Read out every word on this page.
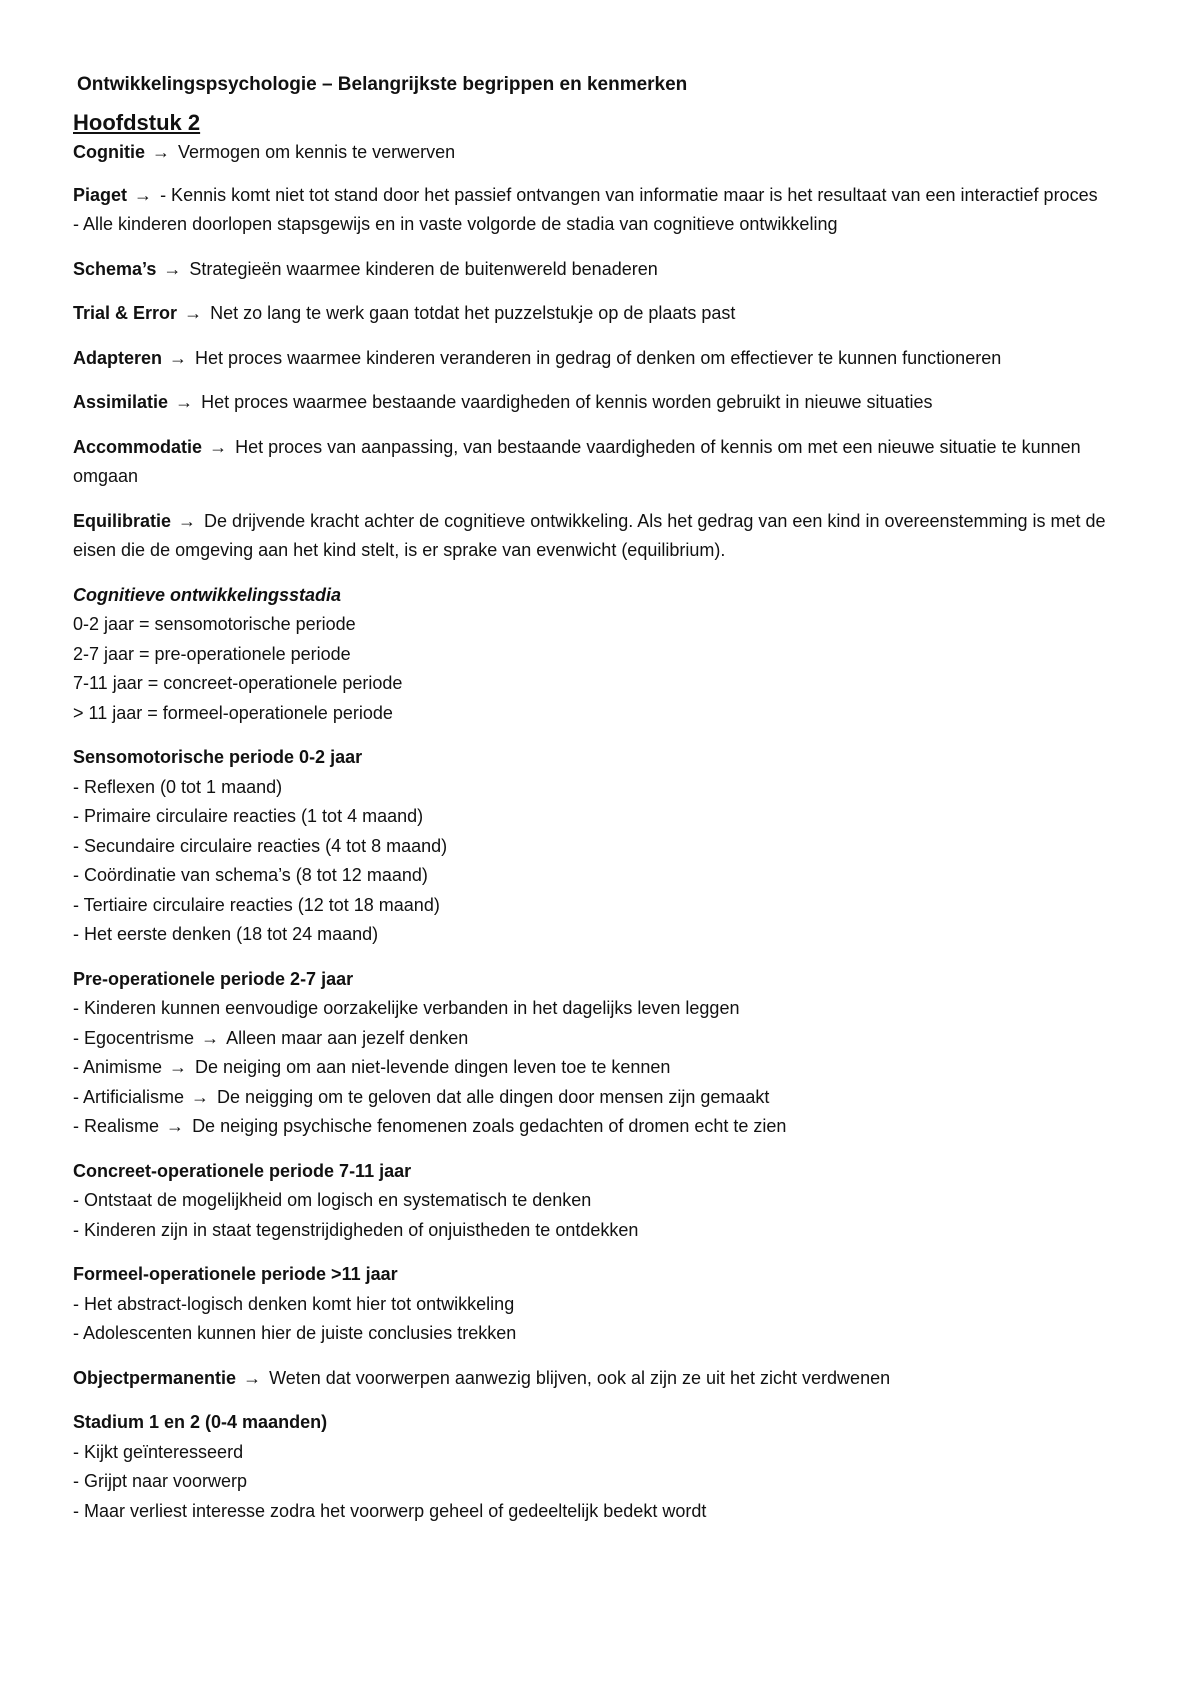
Ontwikkelingspsychologie – Belangrijkste begrippen en kenmerken
Hoofdstuk 2
Cognitie → Vermogen om kennis te verwerven
Piaget → - Kennis komt niet tot stand door het passief ontvangen van informatie maar is het resultaat van een interactief proces
- Alle kinderen doorlopen stapsgewijs en in vaste volgorde de stadia van cognitieve ontwikkeling
Schema’s → Strategieën waarmee kinderen de buitenwereld benaderen
Trial & Error → Net zo lang te werk gaan totdat het puzzelstukje op de plaats past
Adapteren → Het proces waarmee kinderen veranderen in gedrag of denken om effectiever te kunnen functioneren
Assimilatie → Het proces waarmee bestaande vaardigheden of kennis worden gebruikt in nieuwe situaties
Accommodatie → Het proces van aanpassing, van bestaande vaardigheden of kennis om met een nieuwe situatie te kunnen omgaan
Equilibratie → De drijvende kracht achter de cognitieve ontwikkeling. Als het gedrag van een kind in overeenstemming is met de eisen die de omgeving aan het kind stelt, is er sprake van evenwicht (equilibrium).
Cognitieve ontwikkelingsstadia
0-2 jaar = sensomotorische periode
2-7 jaar = pre-operationele periode
7-11 jaar = concreet-operationele periode
> 11 jaar = formeel-operationele periode
Sensomotorische periode 0-2 jaar
- Reflexen (0 tot 1 maand)
- Primaire circulaire reacties (1 tot 4 maand)
- Secundaire circulaire reacties (4 tot 8 maand)
- Coördinatie van schema’s (8 tot 12 maand)
- Tertiaire circulaire reacties (12 tot 18 maand)
- Het eerste denken (18 tot 24 maand)
Pre-operationele periode 2-7 jaar
- Kinderen kunnen eenvoudige oorzakelijke verbanden in het dagelijks leven leggen
- Egocentrisme → Alleen maar aan jezelf denken
- Animisme → De neiging om aan niet-levende dingen leven toe te kennen
- Artificialisme → De neigging om te geloven dat alle dingen door mensen zijn gemaakt
- Realisme → De neiging psychische fenomenen zoals gedachten of dromen echt te zien
Concreet-operationele periode 7-11 jaar
- Ontstaat de mogelijkheid om logisch en systematisch te denken
- Kinderen zijn in staat tegenstrijdigheden of onjuistheden te ontdekken
Formeel-operationele periode >11 jaar
- Het abstract-logisch denken komt hier tot ontwikkeling
- Adolescenten kunnen hier de juiste conclusies trekken
Objectpermanentie → Weten dat voorwerpen aanwezig blijven, ook al zijn ze uit het zicht verdwenen
Stadium 1 en 2 (0-4 maanden)
- Kijkt geïnteresseerd
- Grijpt naar voorwerp
- Maar verliest interesse zodra het voorwerp geheel of gedeeltelijk bedekt wordt
